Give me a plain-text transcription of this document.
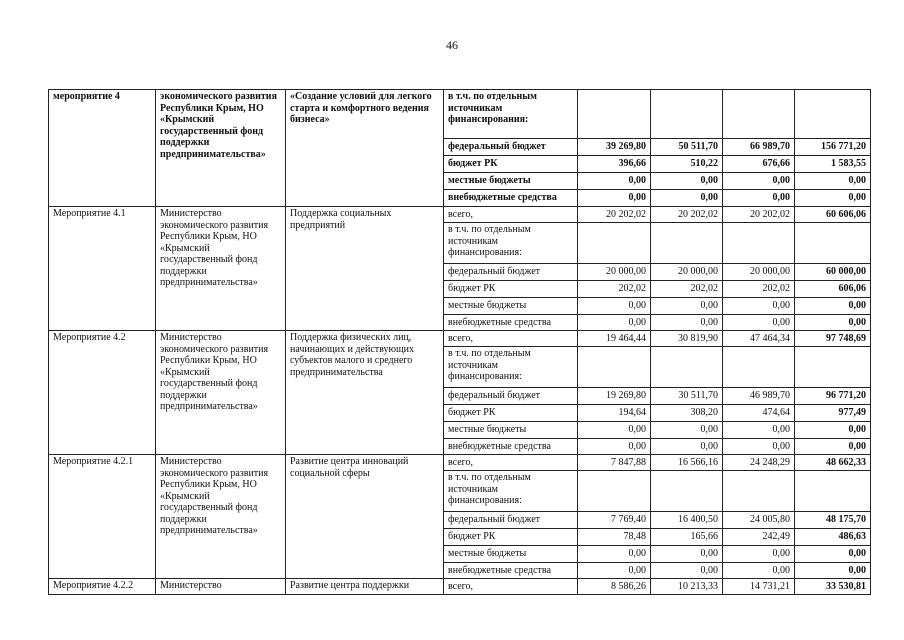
46
мероприятие 4	экономического развития Республики Крым, НО «Крымский государственный фонд поддержки предпринимательства»	«Создание условий для легкого старта и комфортного ведения бизнеса»	в т.ч. по отдельным источникам финансирования:				
			федеральный бюджет	39 269,80	50 511,70	66 989,70	156 771,20
			бюджет РК	396,66	510,22	676,66	1 583,55
			местные бюджеты	0,00	0,00	0,00	0,00
			внебюджетные средства	0,00	0,00	0,00	0,00
Мероприятие 4.1	Министерство экономического развития Республики Крым, НО «Крымский государственный фонд поддержки предпринимательства»	Поддержка социальных предприятий	всего,	20 202,02	20 202,02	20 202,02	60 606,06
			в т.ч. по отдельным источникам финансирования:				
			федеральный бюджет	20 000,00	20 000,00	20 000,00	60 000,00
			бюджет РК	202,02	202,02	202,02	606,06
			местные бюджеты	0,00	0,00	0,00	0,00
			внебюджетные средства	0,00	0,00	0,00	0,00
Мероприятие 4.2	Министерство экономического развития Республики Крым, НО «Крымский государственный фонд поддержки предпринимательства»	Поддержка физических лиц, начинающих и действующих субъектов малого и среднего предпринимательства	всего,	19 464,44	30 819,90	47 464,34	97 748,69
			в т.ч. по отдельным источникам финансирования:				
			федеральный бюджет	19 269,80	30 511,70	46 989,70	96 771,20
			бюджет РК	194,64	308,20	474,64	977,49
			местные бюджеты	0,00	0,00	0,00	0,00
			внебюджетные средства	0,00	0,00	0,00	0,00
Мероприятие 4.2.1	Министерство экономического развития Республики Крым, НО «Крымский государственный фонд поддержки предпринимательства»	Развитие центра инноваций социальной сферы	всего,	7 847,88	16 566,16	24 248,29	48 662,33
			в т.ч. по отдельным источникам финансирования:				
			федеральный бюджет	7 769,40	16 400,50	24 005,80	48 175,70
			бюджет РК	78,48	165,66	242,49	486,63
			местные бюджеты	0,00	0,00	0,00	0,00
			внебюджетные средства	0,00	0,00	0,00	0,00
Мероприятие 4.2.2	Министерство	Развитие центра поддержки	всего,	8 586,26	10 213,33	14 731,21	33 530,81
